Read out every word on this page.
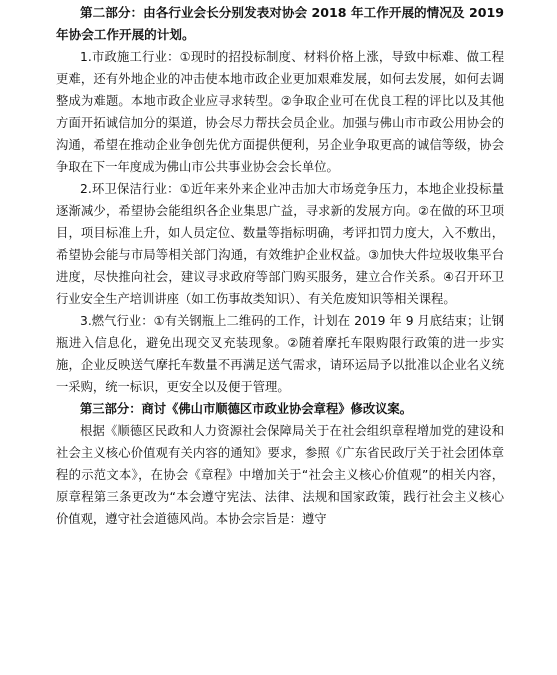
第二部分：由各行业会长分别发表对协会 2018 年工作开展的情况及 2019 年协会工作开展的计划。

1.市政施工行业：①现时的招投标制度、材料价格上涨，导致中标难、做工程更难，还有外地企业的冲击使本地市政企业更加艰难发展，如何去发展，如何去调整成为难题。本地市政企业应寻求转型。②争取企业可在优良工程的评比以及其他方面开拓诚信加分的渠道，协会尽力帮扶会员企业。加强与佛山市市政公用协会的沟通，希望在推动企业争创先优方面提供便利，另企业争取更高的诚信等级，协会争取在下一年度成为佛山市公共事业协会会长单位。

2.环卫保洁行业：①近年来外来企业冲击加大市场竞争压力，本地企业投标量逐渐减少，希望协会能组织各企业集思广益，寻求新的发展方向。②在做的环卫项目，项目标准上升，如人员定位、数量等指标明确，考评扣罚力度大，入不敷出，希望协会能与市局等相关部门沟通，有效维护企业权益。③加快大件垃圾收集平台进度，尽快推向社会，建议寻求政府等部门购买服务，建立合作关系。④召开环卫行业安全生产培训讲座（如工伤事故类知识）、有关危废知识等相关课程。

3.燃气行业：①有关钢瓶上二维码的工作，计划在 2019 年 9 月底结束；让钢瓶进入信息化，避免出现交叉充装现象。②随着摩托车限购限行政策的进一步实施，企业反映送气摩托车数量不再满足送气需求，请环运局予以批准以企业名义统一采购，统一标识，更安全以及便于管理。

第三部分：商讨《佛山市顺德区市政业协会章程》修改议案。

根据《顺德区民政和人力资源社会保障局关于在社会组织章程增加党的建设和社会主义核心价值观有关内容的通知》要求，参照《广东省民政厅关于社会团体章程的示范文本》，在协会《章程》中增加关于“社会主义核心价值观”的相关内容，原章程第三条更改为“本会遵守宪法、法律、法规和国家政策，践行社会主义核心价值观，遵守社会道德风尚。本协会宗旨是：遵守
